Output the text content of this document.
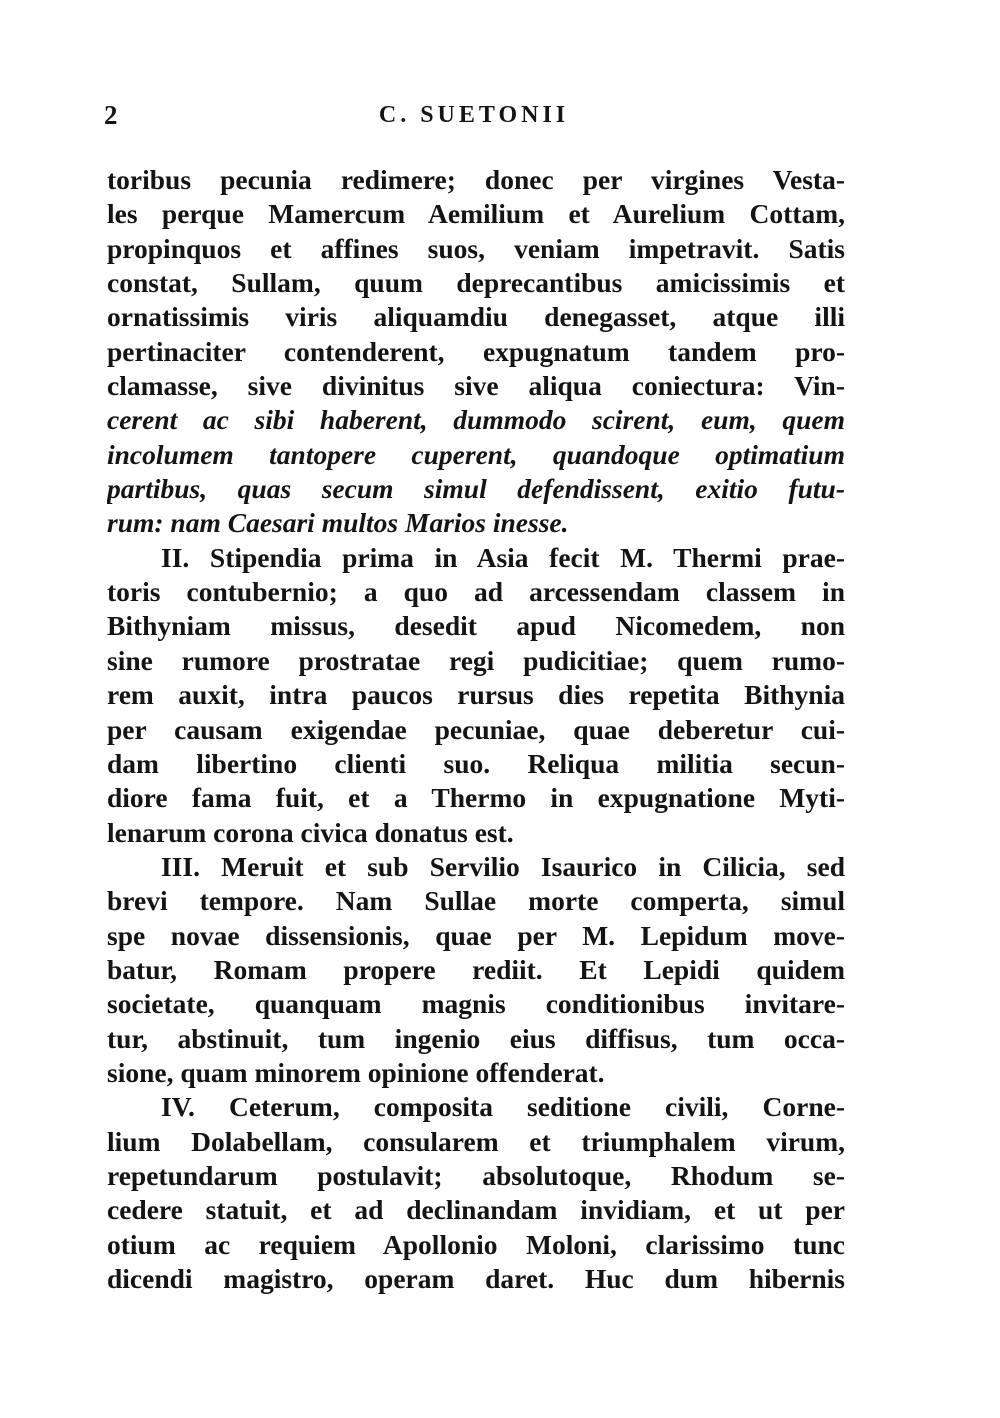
2	C. SUETONII
toribus pecunia redimere; donec per virgines Vesta-
les perque Mamercum Aemilium et Aurelium Cottam,
propinquos et affines suos, veniam impetravit. Satis
constat, Sullam, quum deprecantibus amicissimis et
ornatissimis viris aliquamdiu denegasset, atque illi
pertinaciter contenderent, expugnatum tandem pro-
clamasse, sive divinitus sive aliqua coniectura: Vin-
cerent ac sibi haberent, dummodo scirent, eum, quem
incolumem tantopere cuperent, quandoque optimatium
partibus, quas secum simul defendissent, exitio futu-
rum: nam Caesari multos Marios inesse.
II. Stipendia prima in Asia fecit M. Thermi prae-
toris contubernio; a quo ad arcessendam classem in
Bithyniam missus, desedit apud Nicomedem, non
sine rumore prostratae regi pudicitiae; quem rumo-
rem auxit, intra paucos rursus dies repetita Bithynia
per causam exigendae pecuniae, quae deberetur cui-
dam libertino clienti suo. Reliqua militia secun-
diore fama fuit, et a Thermo in expugnatione Myti-
lenarum corona civica donatus est.
III. Meruit et sub Servilio Isaurico in Cilicia, sed
brevi tempore. Nam Sullae morte comperta, simul
spe novae dissensionis, quae per M. Lepidum move-
batur, Romam propere rediit. Et Lepidi quidem
societate, quanquam magnis conditionibus invitare-
tur, abstinuit, tum ingenio eius diffisus, tum occa-
sione, quam minorem opinione offenderat.
IV. Ceterum, composita seditione civili, Corne-
lium Dolabellam, consularem et triumphalem virum,
repetundarum postulavit; absolutoque, Rhodum se-
cedere statuit, et ad declinandam invidiam, et ut per
otium ac requiem Apollonio Moloni, clarissimo tunc
dicendi magistro, operam daret. Huc dum hibernis
